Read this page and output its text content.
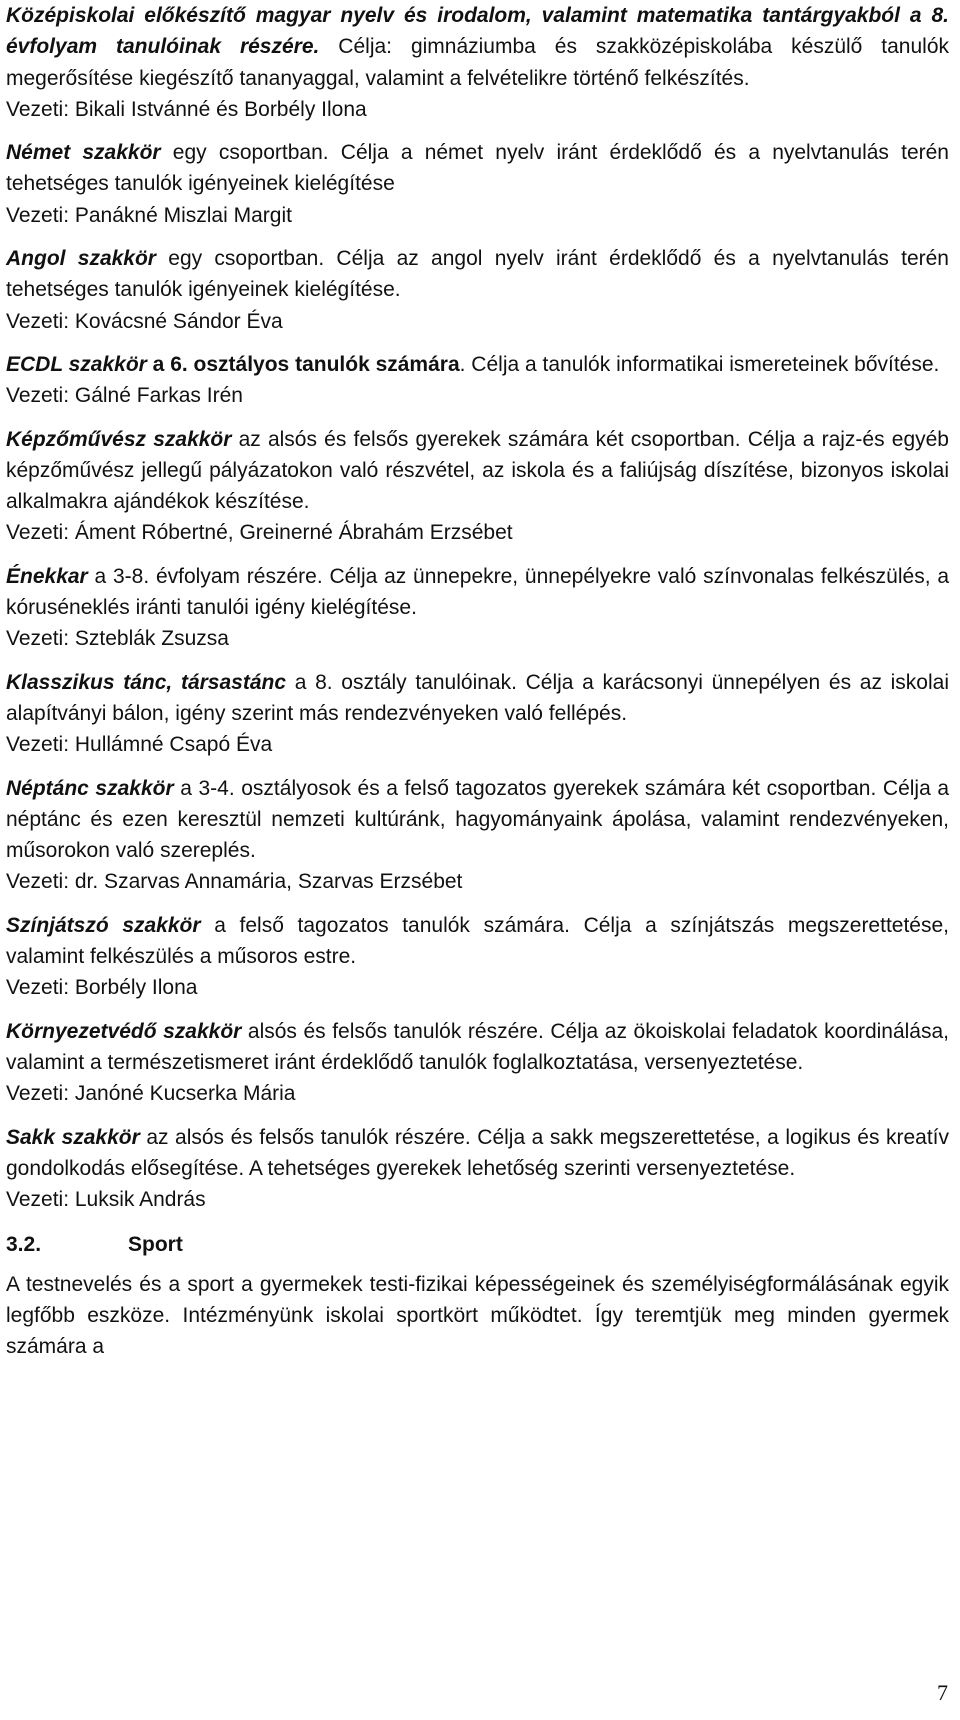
Középiskolai előkészítő magyar nyelv és irodalom, valamint matematika tantárgyakból a 8. évfolyam tanulóinak részére. Célja: gimnáziumba és szakközépiskolába készülő tanulók megerősítése kiegészítő tananyaggal, valamint a felvételikre történő felkészítés.

Vezeti: Bikali Istvánné és Borbély Ilona

Német szakkör egy csoportban. Célja a német nyelv iránt érdeklődő és a nyelvtanulás terén tehetséges tanulók igényeinek kielégítése

Vezeti: Panákné Miszlai Margit

Angol szakkör egy csoportban. Célja az angol nyelv iránt érdeklődő és a nyelvtanulás terén tehetséges tanulók igényeinek kielégítése.

Vezeti: Kovácsné Sándor Éva

ECDL szakkör a 6. osztályos tanulók számára. Célja a tanulók informatikai ismereteinek bővítése.

Vezeti: Gálné Farkas Irén

Képzőművész szakkör az alsós és felsős gyerekek számára két csoportban. Célja a rajz-és egyéb képzőművész jellegű pályázatokon való részvétel, az iskola és a faliújság díszítése, bizonyos iskolai alkalmakra ajándékok készítése.

Vezeti: Áment Róbertné, Greinerné Ábrahám Erzsébet

Énekkar a 3-8. évfolyam részére. Célja az ünnepekre, ünnepélyekre való színvonalas felkészülés, a kórusénekl​és iránti tanulói igény kielégítése.

Vezeti: Szteblák Zsuzsa

Klasszikus tánc, társastánc a 8. osztály tanulóinak. Célja a karácsonyi ünnepélyen és az iskolai alapítványi bálon, igény szerint más rendezvényeken való fellépés.

Vezeti: Hullámné Csapó Éva

Néptánc szakkör a 3-4. osztályosok és a felső tagozatos gyerekek számára két csoportban. Célja a néptánc és ezen keresztül nemzeti kultúránk, hagyományaink ápolása, valamint rendezvényeken, műsorokon való szereplés.

Vezeti: dr. Szarvas Annamária, Szarvas Erzsébet

Színjátszó szakkör a felső tagozatos tanulók számára. Célja a színjátszás megszerettetése, valamint felkészülés a műsoros estre.

Vezeti: Borbély Ilona

Környezetvédő szakkör alsós és felsős tanulók részére. Célja az ökoiskolai feladatok koordinálása, valamint a természetismeret iránt érdeklődő tanulók foglalkoztatása, versenyeztetése.

Vezeti: Janóné Kucserka Mária

Sakk szakkör az alsós és felsős tanulók részére. Célja a sakk megszerettetése, a logikus és kreatív gondolkodás elősegítése. A tehetséges gyerekek lehetőség szerinti versenyeztetése.

Vezeti: Luksik András

3.2.	Sport

A testnevelés és a sport a gyermekek testi-fizikai képességeinek és személyiségformálásának egyik legfőbb eszköze. Intézményünk iskolai sportkört működtet. Így teremtjük meg minden gyermek számára a

7
